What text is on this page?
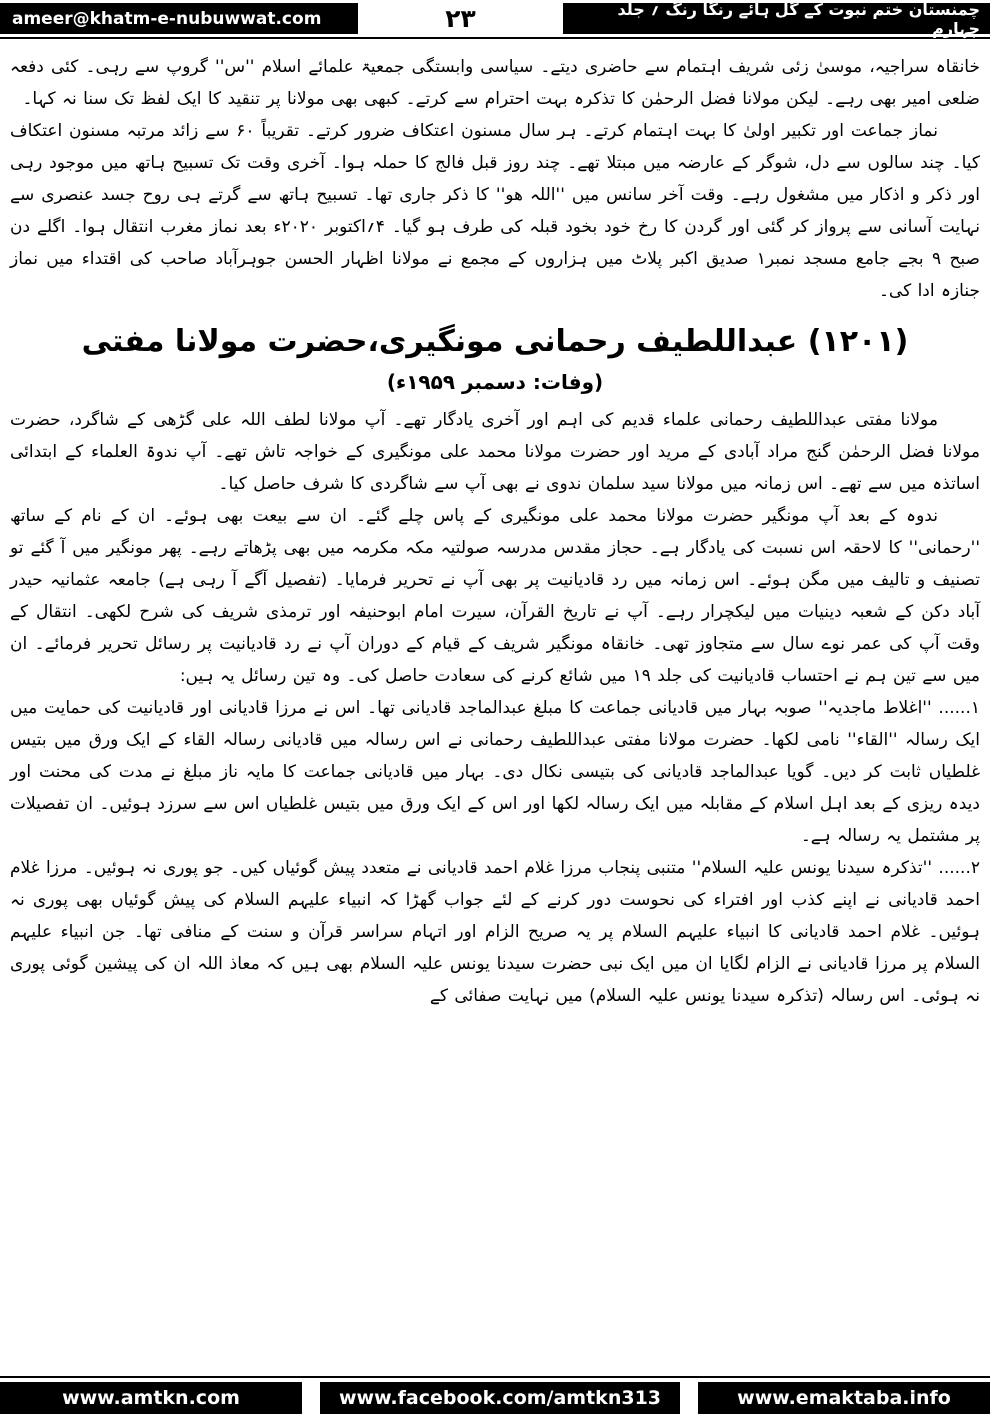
ameer@khatm-e-nubuwwat.com	۲۳	چمنستان ختم نبوت کے گل ہائے رنگا رنگ ؍ جلد چہارم

خانقاہ سراجیہ، موسیٰ زئی شریف اہتمام سے حاضری دیتے۔ سیاسی وابستگی جمعیۃ علمائے اسلام ''س'' گروپ سے رہی۔ کئی دفعہ ضلعی امیر بھی رہے۔ لیکن مولانا فضل الرحمٰن کا تذکرہ بہت احترام سے کرتے۔ کبھی بھی مولانا پر تنقید کا ایک لفظ تک سنا نہ کہا۔

نماز جماعت اور تکبیر اولیٰ کا بہت اہتمام کرتے۔ ہر سال مسنون اعتکاف ضرور کرتے۔ تقریباً ۶۰ سے زائد مرتبہ مسنون اعتکاف کیا۔ چند سالوں سے دل، شوگر کے عارضہ میں مبتلا تھے۔ چند روز قبل فالج کا حملہ ہوا۔ آخری وقت تک تسبیح ہاتھ میں موجود رہی اور ذکر و اذکار میں مشغول رہے۔ وقت آخر سانس میں ''اللہ ھو'' کا ذکر جاری تھا۔ تسبیح ہاتھ سے گرتے ہی روح جسد عنصری سے نہایت آسانی سے پرواز کر گئی اور گردن کا رخ خود بخود قبلہ کی طرف ہو گیا۔ ۴؍اکتوبر ۲۰۲۰ء بعد نماز مغرب انتقال ہوا۔ اگلے دن صبح ۹ بجے جامع مسجد نمبر۱ صدیق اکبر پلاٹ میں ہزاروں کے مجمع نے مولانا اظہار الحسن جوہرآباد صاحب کی اقتداء میں نماز جنازہ ادا کی۔

(۱۲۰۱) عبداللطیف رحمانی مونگیری،حضرت مولانا مفتی
(وفات: دسمبر ۱۹۵۹ء)

مولانا مفتی عبداللطیف رحمانی علماء قدیم کی اہم اور آخری یادگار تھے۔ آپ مولانا لطف اللہ علی گڑھی کے شاگرد، حضرت مولانا فضل الرحمٰن گنج مراد آبادی کے مرید اور حضرت مولانا محمد علی مونگیری کے خواجہ تاش تھے۔ آپ ندوۃ العلماء کے ابتدائی اساتذہ میں سے تھے۔ اس زمانہ میں مولانا سید سلمان ندوی نے بھی آپ سے شاگردی کا شرف حاصل کیا۔

ندوہ کے بعد آپ مونگیر حضرت مولانا محمد علی مونگیری کے پاس چلے گئے۔ ان سے بیعت بھی ہوئے۔ ان کے نام کے ساتھ ''رحمانی'' کا لاحقہ اس نسبت کی یادگار ہے۔ حجاز مقدس مدرسہ صولتیہ مکہ مکرمہ میں بھی پڑھاتے رہے۔ پھر مونگیر میں آ گئے تو تصنیف و تالیف میں مگن ہوئے۔ اس زمانہ میں رد قادیانیت پر بھی آپ نے تحریر فرمایا۔ (تفصیل آگے آ رہی ہے) جامعہ عثمانیہ حیدر آباد دکن کے شعبہ دینیات میں لیکچرار رہے۔ آپ نے تاریخ القرآن، سیرت امام ابوحنیفہ اور ترمذی شریف کی شرح لکھی۔ انتقال کے وقت آپ کی عمر نوے سال سے متجاوز تھی۔ خانقاہ مونگیر شریف کے قیام کے دوران آپ نے رد قادیانیت پر رسائل تحریر فرمائے۔ ان میں سے تین ہم نے احتساب قادیانیت کی جلد ۱۹ میں شائع کرنے کی سعادت حاصل کی۔ وہ تین رسائل یہ ہیں:

۱...... ''اغلاط ماجدیہ'' صوبہ بہار میں قادیانی جماعت کا مبلغ عبدالماجد قادیانی تھا۔ اس نے مرزا قادیانی اور قادیانیت کی حمایت میں ایک رسالہ ''القاء'' نامی لکھا۔ حضرت مولانا مفتی عبداللطیف رحمانی نے اس رسالہ میں قادیانی رسالہ القاء کے ایک ورق میں بتیس غلطیاں ثابت کر دیں۔ گویا عبدالماجد قادیانی کی بتیسی نکال دی۔ بہار میں قادیانی جماعت کا مایہ ناز مبلغ نے مدت کی محنت اور دیدہ ریزی کے بعد اہل اسلام کے مقابلہ میں ایک رسالہ لکھا اور اس کے ایک ورق میں بتیس غلطیاں اس سے سرزد ہوئیں۔ ان تفصیلات پر مشتمل یہ رسالہ ہے۔

۲...... ''تذکرہ سیدنا یونس علیہ السلام'' متنبی پنجاب مرزا غلام احمد قادیانی نے متعدد پیش گوئیاں کیں۔ جو پوری نہ ہوئیں۔ مرزا غلام احمد قادیانی نے اپنے کذب اور افتراء کی نحوست دور کرنے کے لئے جواب گھڑا کہ انبیاء علیہم السلام کی پیش گوئیاں بھی پوری نہ ہوئیں۔ غلام احمد قادیانی کا انبیاء علیہم السلام پر یہ صریح الزام اور اتہام سراسر قرآن و سنت کے منافی تھا۔ جن انبیاء علیہم السلام پر مرزا قادیانی نے الزام لگایا ان میں ایک نبی حضرت سیدنا یونس علیہ السلام بھی ہیں کہ معاذ اللہ ان کی پیشین گوئی پوری نہ ہوئی۔ اس رسالہ (تذکرہ سیدنا یونس علیہ السلام) میں نہایت صفائی کے

www.amtkn.com	www.facebook.com/amtkn313	www.emaktaba.info
